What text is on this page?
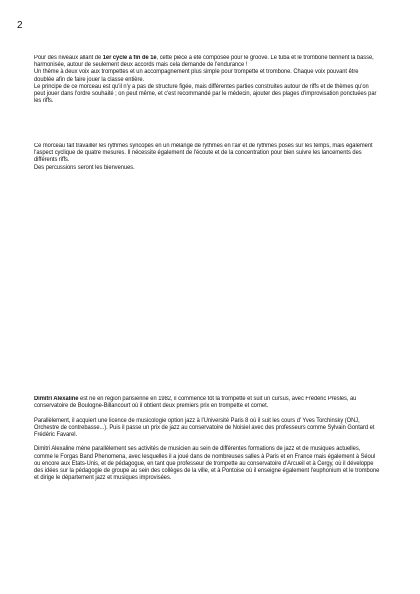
2

Pour des niveaux allant de 1er cycle à fin de 1e, cette pièce a été composée pour le groove. Le tuba et le trombone tiennent la basse, harmonisée, autour de seulement deux accords mais cela demande de l'endurance !

Un thème à deux voix aux trompettes et un accompagnement plus simple pour trompette et trombone. Chaque voix pouvant être doublée afin de faire jouer la classe entière.

Le principe de ce morceau est qu'il n'y a pas de structure figée, mais différentes parties construites autour de riffs et de thèmes qu'on peut jouer dans l'ordre souhaité ; on peut même, et c'est recommandé par le médecin, ajouter des plages d'improvisation ponctuées par les riffs.

Ce morceau fait travailler les rythmes syncopés en un mélange de rythmes en l'air et de rythmes posés sur les temps, mais également l'aspect cyclique de quatre mesures. Il nécessite également de l'écoute et de la concentration pour bien suivre les lancements des différents riffs.

Des percussions seront les bienvenues.

Dimitri Alexaline est né en région parisienne en 1982, il commence tôt la trompette et suit un cursus, avec Frédéric Presles, au conservatoire de Boulogne-Billancourt où il obtient deux premiers prix en trompette et cornet.

Parallèlement, il acquiert une licence de musicologie option jazz à l'Université Paris 8 où il suit les cours d' Yves Torchinsky (ONJ, Orchestre de contrebasse...). Puis il passe un prix de jazz au conservatoire de Noisiel avec des professeurs comme Sylvain Gontard et Frédéric Favarel.

Dimitri Alexaline mène parallèlement ses activités de musicien au sein de différentes formations de jazz et de musiques actuelles, comme le Forgas Band Phenomena, avec lesquelles il a joué dans de nombreuses salles à Paris et en France mais également à Séoul ou encore aux Etats-Unis, et de pédagogue, en tant que professeur de trompette au conservatoire d'Arcueil et à Cergy, où il développe des idées sur la pédagogie de groupe au sein des collèges de la ville, et à Pontoise où il enseigne également l'euphonium et le trombone et dirige le département jazz et musiques improvisées.
